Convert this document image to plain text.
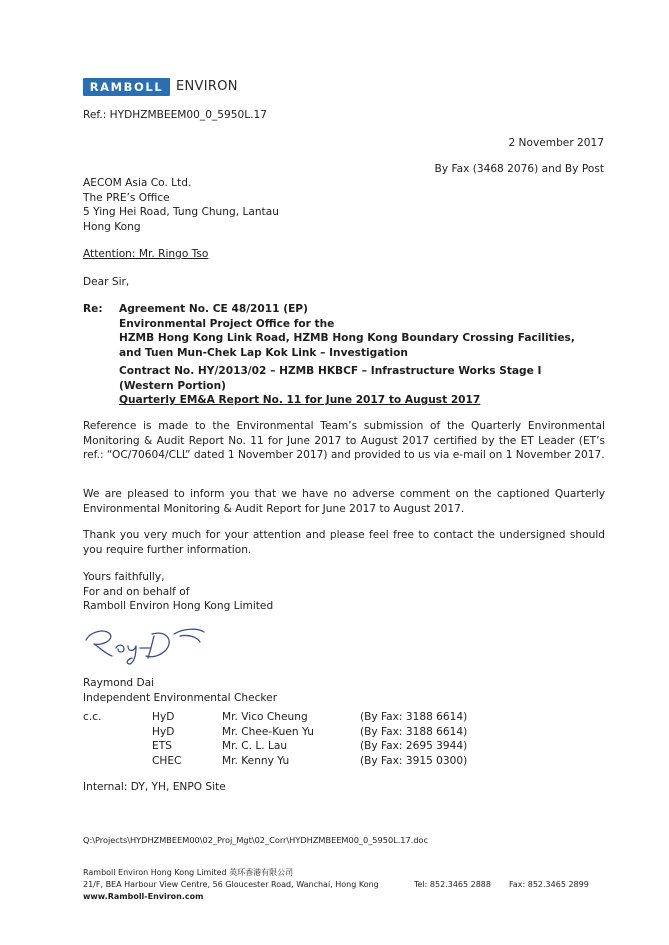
RAMBOLL ENVIRON
Ref.: HYDHZMBEEM00_0_5950L.17
2 November 2017
By Fax (3468 2076) and By Post
AECOM Asia Co. Ltd.
The PRE’s Office
5 Ying Hei Road, Tung Chung, Lantau
Hong Kong
Attention: Mr. Ringo Tso
Dear Sir,
Re: Agreement No. CE 48/2011 (EP)
Environmental Project Office for the
HZMB Hong Kong Link Road, HZMB Hong Kong Boundary Crossing Facilities,
and Tuen Mun-Chek Lap Kok Link – Investigation
Contract No. HY/2013/02 – HZMB HKBCF – Infrastructure Works Stage I
(Western Portion)
Quarterly EM&A Report No. 11 for June 2017 to August 2017
Reference is made to the Environmental Team’s submission of the Quarterly Environmental Monitoring & Audit Report No. 11 for June 2017 to August 2017 certified by the ET Leader (ET’s ref.: “OC/70604/CLL” dated 1 November 2017) and provided to us via e-mail on 1 November 2017.
We are pleased to inform you that we have no adverse comment on the captioned Quarterly Environmental Monitoring & Audit Report for June 2017 to August 2017.
Thank you very much for your attention and please feel free to contact the undersigned should you require further information.
Yours faithfully,
For and on behalf of
Ramboll Environ Hong Kong Limited
Raymond Dai
Independent Environmental Checker
c.c.	HyD
HyD
ETS
CHEC
Mr. Vico Cheung
Mr. Chee-Kuen Yu
Mr. C. L. Lau
Mr. Kenny Yu
(By Fax: 3188 6614)
(By Fax: 3188 6614)
(By Fax: 2695 3944)
(By Fax: 3915 0300)
Internal: DY, YH, ENPO Site
Q:\Projects\HYDHZMBEEM00\02_Proj_Mgt\02_Corr\HYDHZMBEEM00_0_5950L.17.doc
Ramboll Environ Hong Kong Limited 英环香港有限公司
21/F, BEA Harbour View Centre, 56 Gloucester Road, Wanchai, Hong Kong	Tel: 852.3465 2888 Fax: 852.3465 2899
www.Ramboll-Environ.com
